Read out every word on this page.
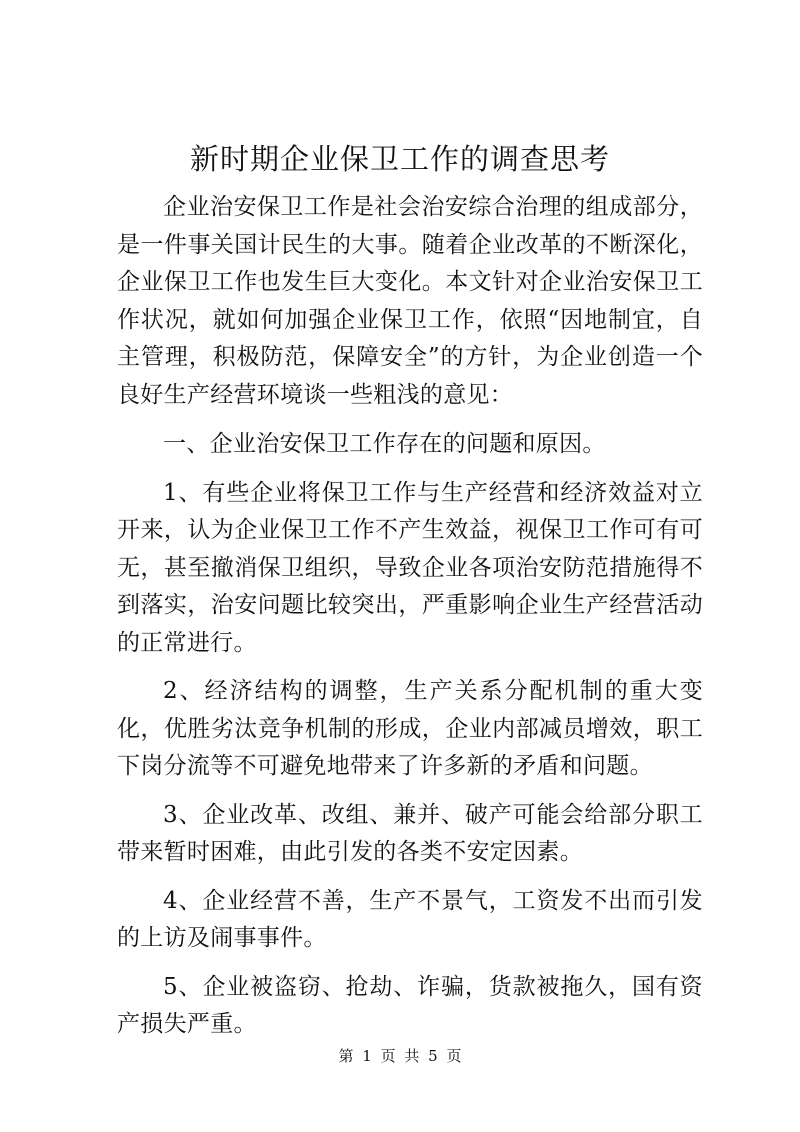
新时期企业保卫工作的调查思考

企业治安保卫工作是社会治安综合治理的组成部分，是一件事关国计民生的大事。随着企业改革的不断深化，企业保卫工作也发生巨大变化。本文针对企业治安保卫工作状况，就如何加强企业保卫工作，依照“因地制宜，自主管理，积极防范，保障安全”的方针，为企业创造一个良好生产经营环境谈一些粗浅的意见：

一、企业治安保卫工作存在的问题和原因。

1、有些企业将保卫工作与生产经营和经济效益对立开来，认为企业保卫工作不产生效益，视保卫工作可有可无，甚至撤消保卫组织，导致企业各项治安防范措施得不到落实，治安问题比较突出，严重影响企业生产经营活动的正常进行。

2、经济结构的调整，生产关系分配机制的重大变化，优胜劣汰竞争机制的形成，企业内部减员增效，职工下岗分流等不可避免地带来了许多新的矛盾和问题。

3、企业改革、改组、兼并、破产可能会给部分职工带来暂时困难，由此引发的各类不安定因素。

4、企业经营不善，生产不景气，工资发不出而引发的上访及闹事事件。

5、企业被盗窃、抢劫、诈骗，货款被拖久，国有资产损失严重。

第 1 页 共 5 页
